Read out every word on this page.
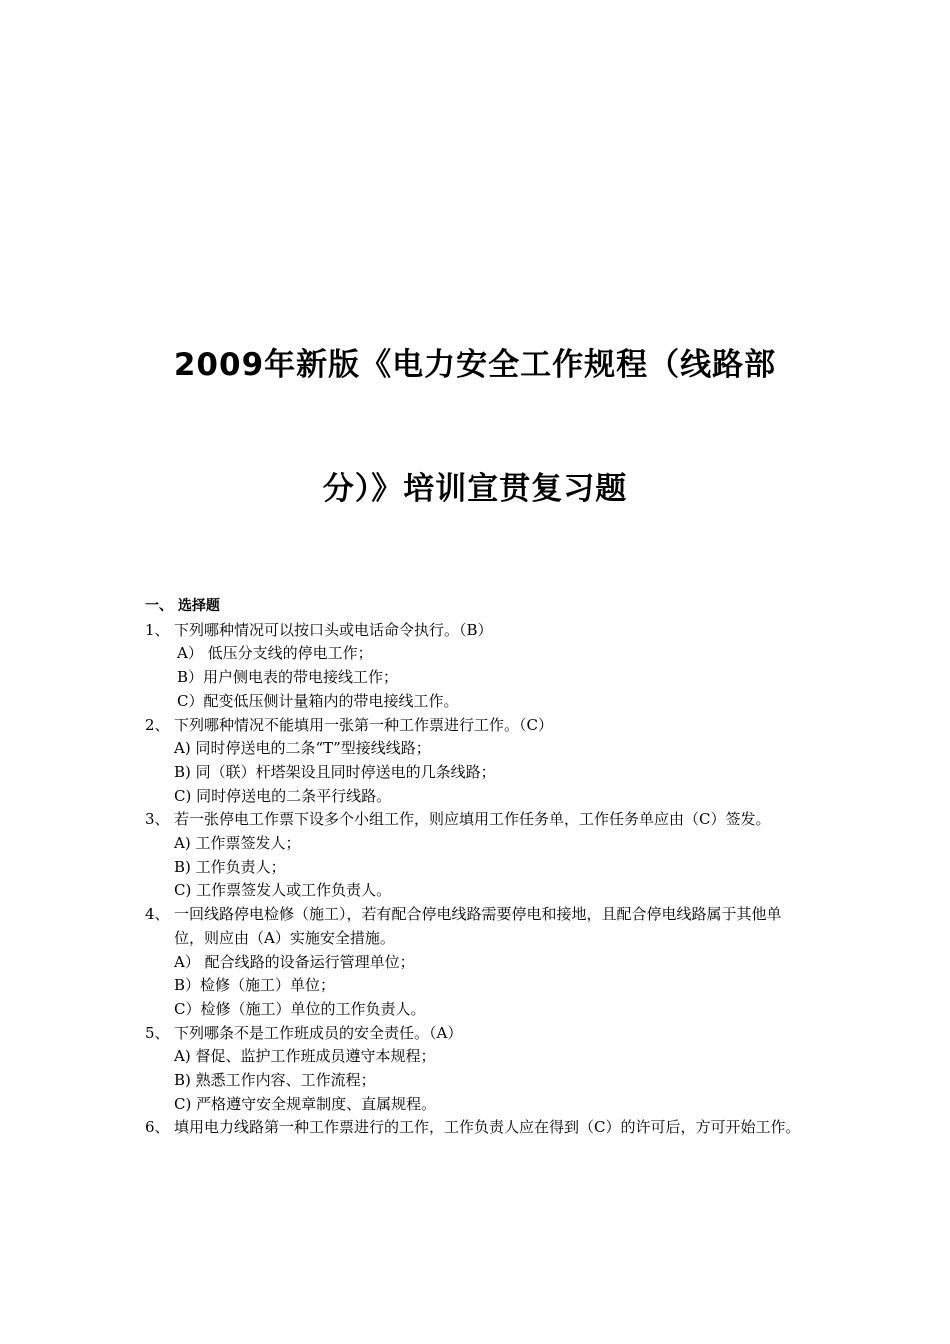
2009年新版《电力安全工作规程（线路部
分）》培训宣贯复习题
一、 选择题
1、 下列哪种情况可以按口头或电话命令执行。（B）
A） 低压分支线的停电工作；
B）用户侧电表的带电接线工作；
C）配变低压侧计量箱内的带电接线工作。
2、 下列哪种情况不能填用一张第一种工作票进行工作。（C）
A) 同时停送电的二条“T”型接线线路；
B) 同（联）杆塔架设且同时停送电的几条线路；
C) 同时停送电的二条平行线路。
3、 若一张停电工作票下设多个小组工作，则应填用工作任务单，工作任务单应由（C）签发。
A) 工作票签发人；
B) 工作负责人；
C) 工作票签发人或工作负责人。
4、 一回线路停电检修（施工），若有配合停电线路需要停电和接地，且配合停电线路属于其他单位，则应由（A）实施安全措施。
A） 配合线路的设备运行管理单位；
B）检修（施工）单位；
C）检修（施工）单位的工作负责人。
5、 下列哪条不是工作班成员的安全责任。（A）
A) 督促、监护工作班成员遵守本规程；
B) 熟悉工作内容、工作流程；
C) 严格遵守安全规章制度、直属规程。
6、 填用电力线路第一种工作票进行的工作，工作负责人应在得到（C）的许可后，方可开始工作。
